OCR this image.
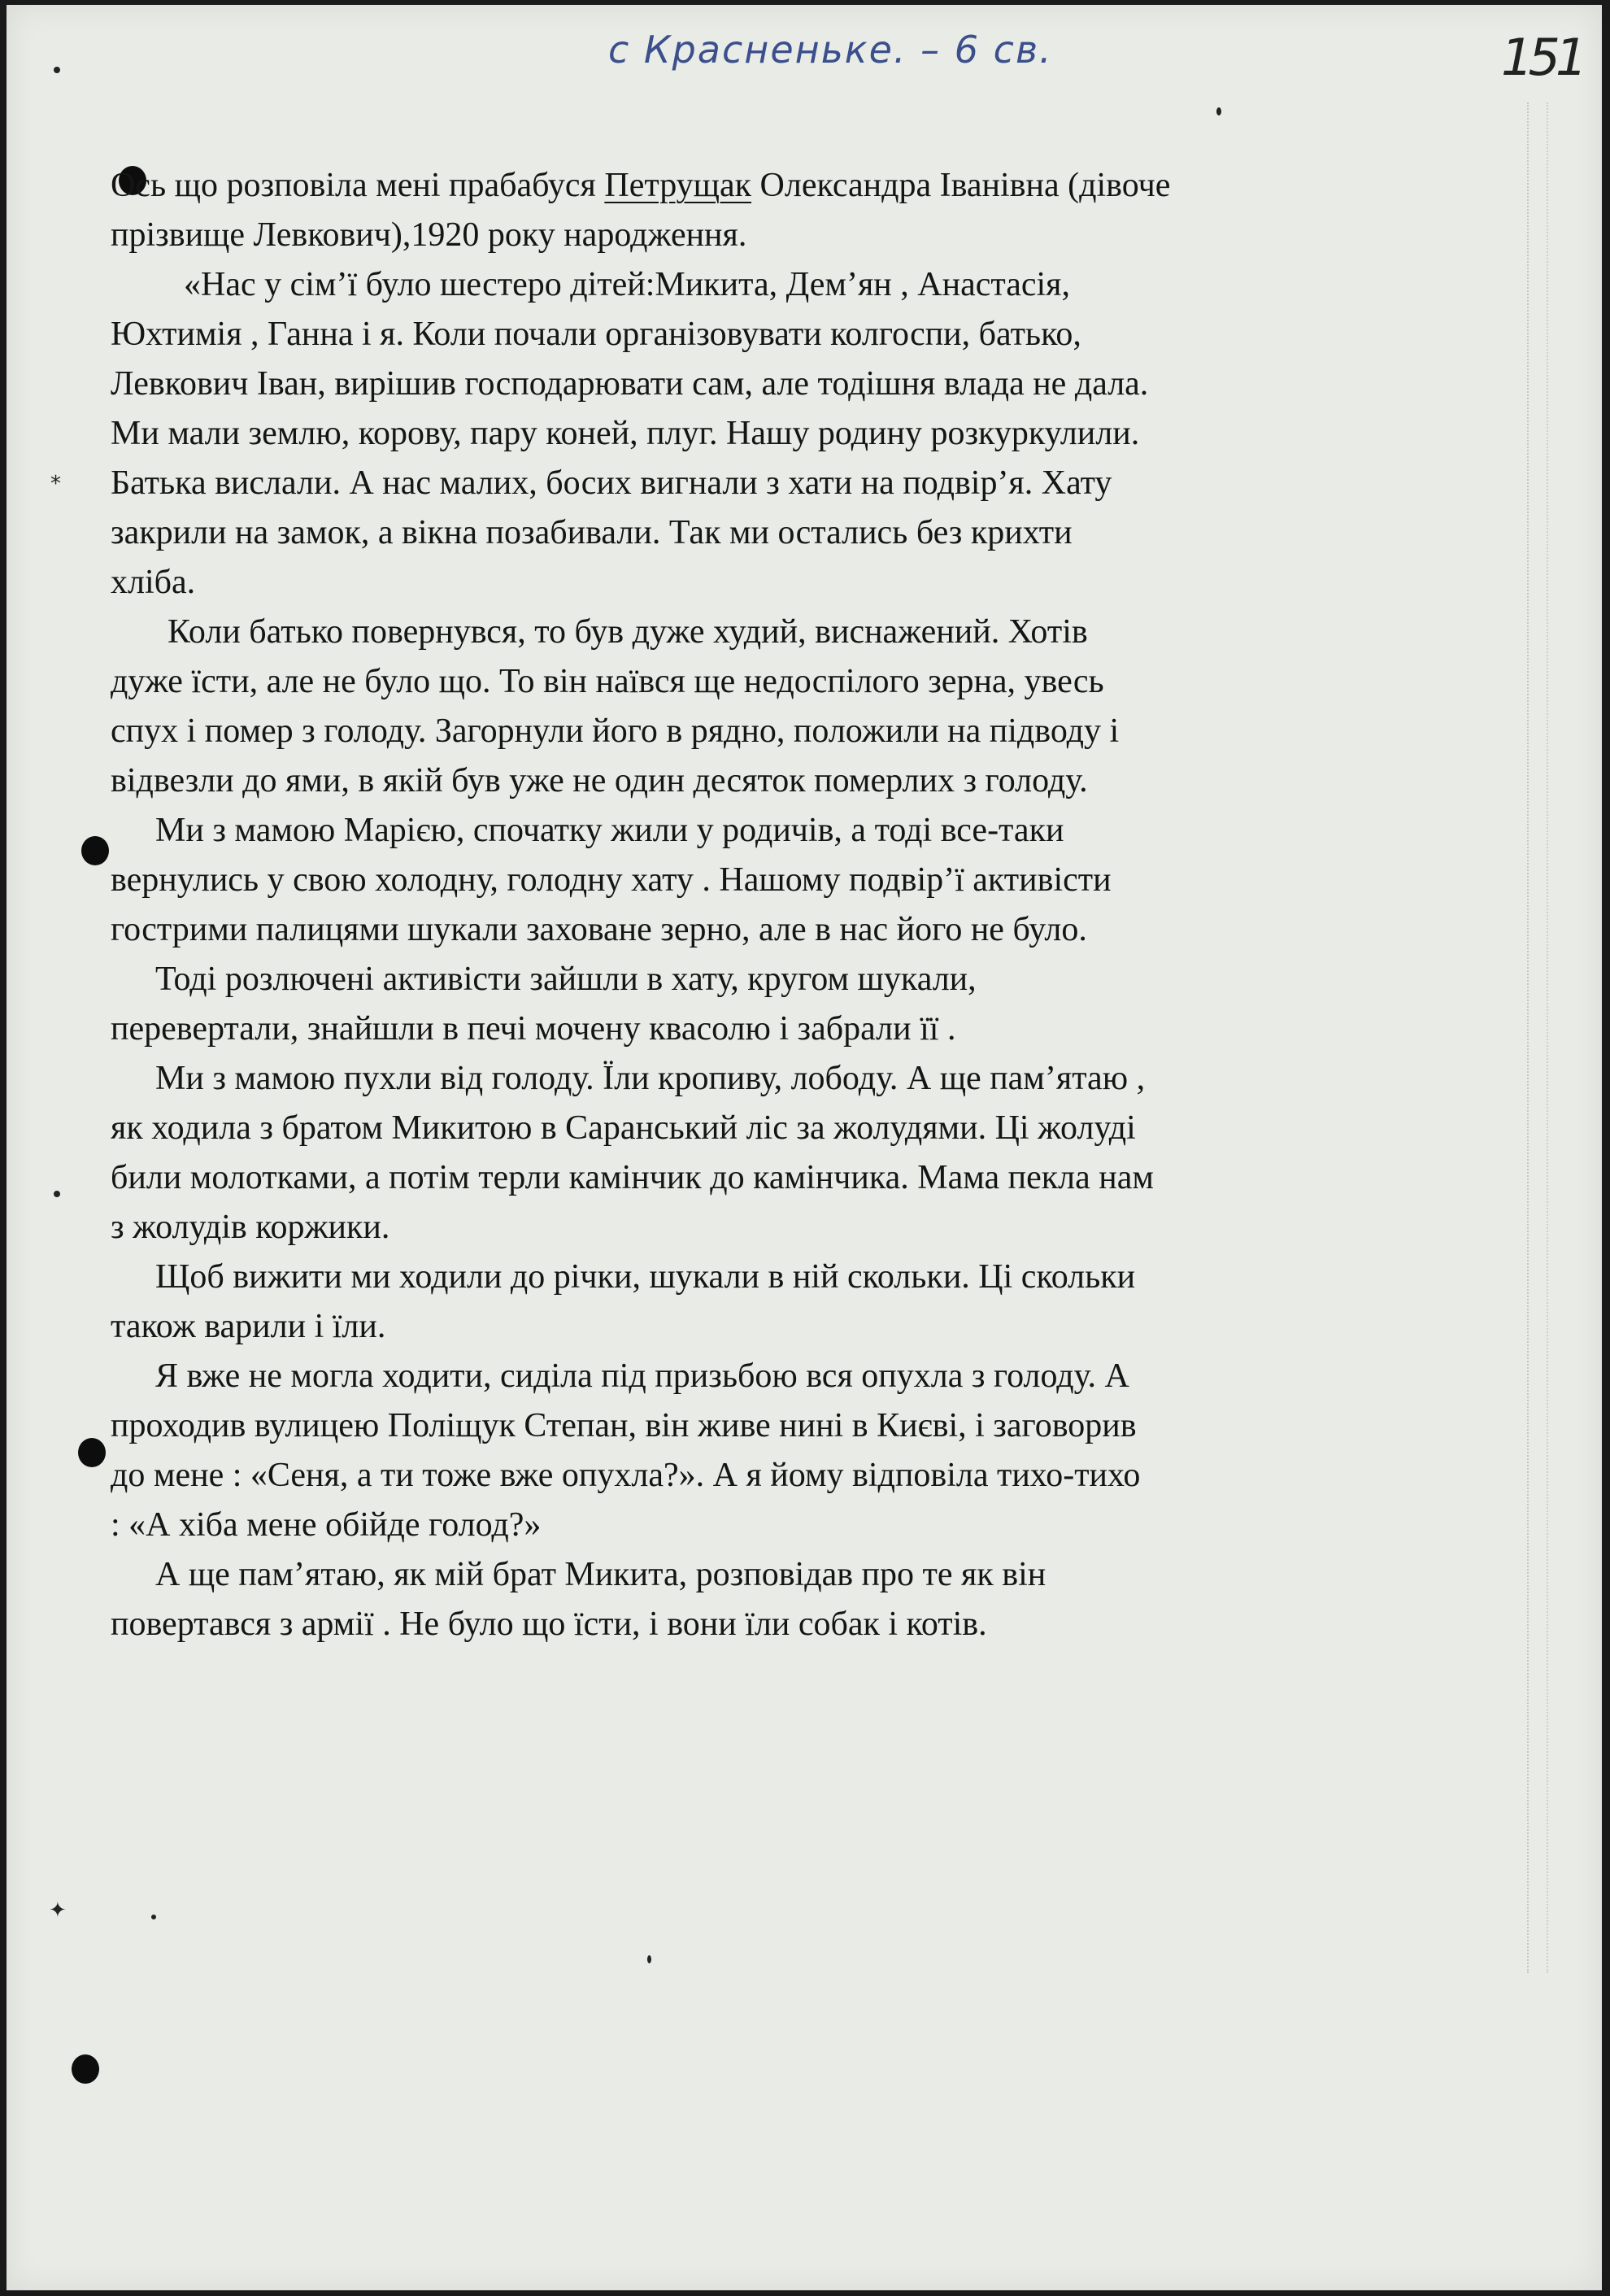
с Красненьке. – 6 св.	151
*
✦

Ось що розповіла мені прабабуся Петрущак Олександра Іванівна (дівоче
прізвище Левкович),1920 року народження.

«Нас у сім’ї було шестеро дітей:Микита, Дем’ян , Анастасія,
Юхтимія , Ганна і я. Коли почали організовувати колгоспи, батько,
Левкович Іван, вирішив господарювати сам, але тодішня влада не дала.
Ми мали землю, корову, пару коней, плуг. Нашу родину розкуркулили.
Батька вислали. А нас малих, босих вигнали з хати на подвір’я. Хату
закрили на замок, а вікна позабивали. Так ми остались без крихти
хліба.

Коли батько повернувся, то був дуже худий, виснажений. Хотів
дуже їсти, але не було що. То він наївся ще недоспілого зерна, увесь
спух і помер з голоду. Загорнули його в рядно, положили на підводу і
відвезли до ями, в якій був уже не один десяток померлих з голоду.

Ми з мамою Марією, спочатку жили у родичів, а тоді все-таки
вернулись у свою холодну, голодну хату . Нашому подвір’ї активісти
гострими палицями шукали заховане зерно, але в нас його не було.

Тоді розлючені активісти зайшли в хату, кругом шукали,
перевертали, знайшли в печі мочену квасолю і забрали її .

Ми з мамою пухли від голоду. Їли кропиву, лободу. А ще пам’ятаю ,
як ходила з братом Микитою в Саранський ліс за жолудями. Ці жолуді
били молотками, а потім терли камінчик до камінчика. Мама пекла нам
з жолудів коржики.

Щоб вижити ми ходили до річки, шукали в ній скольки. Ці скольки
також варили і їли.

Я вже не могла ходити, сиділа під призьбою вся опухла з голоду. А
проходив вулицею Поліщук Степан, він живе нині в Києві, і заговорив
до мене : «Сеня, а ти тоже вже опухла?». А я йому відповіла тихо-тихо
: «А хіба мене обійде голод?»

А ще пам’ятаю, як мій брат Микита, розповідав про те як він
повертався з армії . Не було що їсти, і вони їли собак і котів.
